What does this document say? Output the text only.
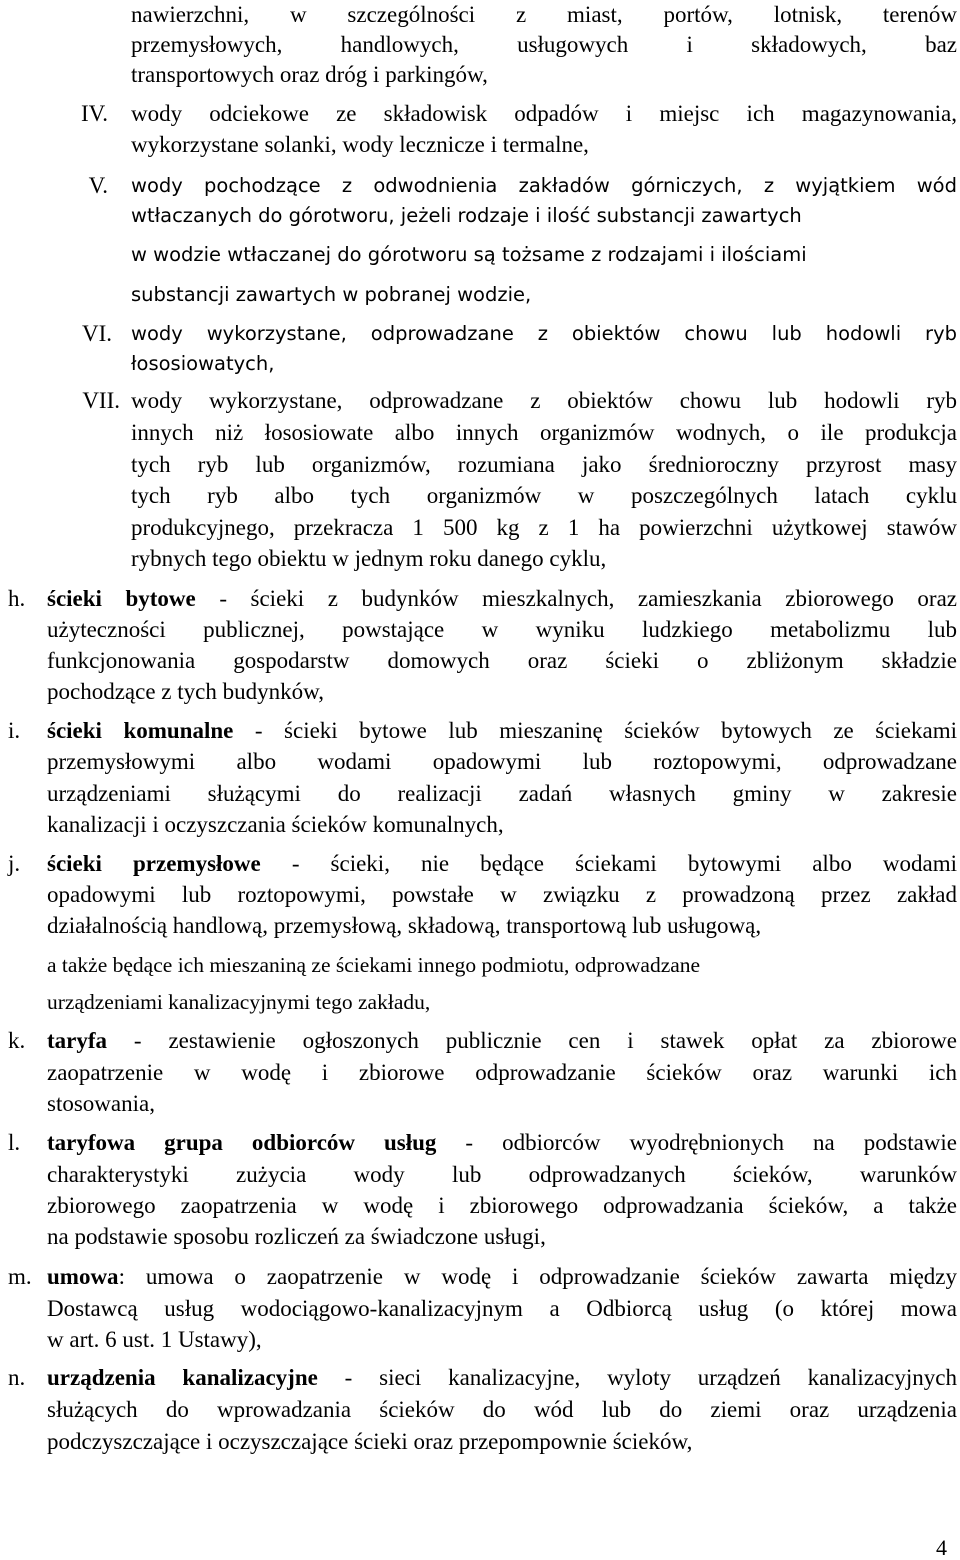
nawierzchni, w szczególności z miast, portów, lotnisk, terenów
przemysłowych, handlowych, usługowych i składowych, baz
transportowych oraz dróg i parkingów,
IV. wody odciekowe ze składowisk odpadów i miejsc ich magazynowania,
wykorzystane solanki, wody lecznicze i termalne,
V. wody pochodzące z odwodnienia zakładów górniczych, z wyjątkiem wód
wtłaczanych do górotworu, jeżeli rodzaje i ilość substancji zawartych
w wodzie wtłaczanej do górotworu są tożsame z rodzajami i ilościami
substancji zawartych w pobranej wodzie,
VI. wody wykorzystane, odprowadzane z obiektów chowu lub hodowli ryb
łososiowatych,
VII. wody wykorzystane, odprowadzane z obiektów chowu lub hodowli ryb
innych niż łososiowate albo innych organizmów wodnych, o ile produkcja
tych ryb lub organizmów, rozumiana jako średnioroczny przyrost masy
tych ryb albo tych organizmów w poszczególnych latach cyklu
produkcyjnego, przekracza 1 500 kg z 1 ha powierzchni użytkowej stawów
rybnych tego obiektu w jednym roku danego cyklu,
h. ścieki bytowe - ścieki z budynków mieszkalnych, zamieszkania zbiorowego oraz
użyteczności publicznej, powstające w wyniku ludzkiego metabolizmu lub
funkcjonowania gospodarstw domowych oraz ścieki o zbliżonym składzie
pochodzące z tych budynków,
i. ścieki komunalne - ścieki bytowe lub mieszaninę ścieków bytowych ze ściekami
przemysłowymi albo wodami opadowymi lub roztopowymi, odprowadzane
urządzeniami służącymi do realizacji zadań własnych gminy w zakresie
kanalizacji i oczyszczania ścieków komunalnych,
j. ścieki przemysłowe - ścieki, nie będące ściekami bytowymi albo wodami
opadowymi lub roztopowymi, powstałe w związku z prowadzoną przez zakład
działalnością handlową, przemysłową, składową, transportową lub usługową,
a także będące ich mieszaniną ze ściekami innego podmiotu, odprowadzane
urządzeniami kanalizacyjnymi tego zakładu,
k. taryfa - zestawienie ogłoszonych publicznie cen i stawek opłat za zbiorowe
zaopatrzenie w wodę i zbiorowe odprowadzanie ścieków oraz warunki ich
stosowania,
l. taryfowa grupa odbiorców usług - odbiorców wyodrębnionych na podstawie
charakterystyki zużycia wody lub odprowadzanych ścieków, warunków
zbiorowego zaopatrzenia w wodę i zbiorowego odprowadzania ścieków, a także
na podstawie sposobu rozliczeń za świadczone usługi,
m. umowa: umowa o zaopatrzenie w wodę i odprowadzanie ścieków zawarta między
Dostawcą usług wodociągowo-kanalizacyjnym a Odbiorcą usług (o której mowa
w art. 6 ust. 1 Ustawy),
n. urządzenia kanalizacyjne - sieci kanalizacyjne, wyloty urządzeń kanalizacyjnych
służących do wprowadzania ścieków do wód lub do ziemi oraz urządzenia
podczyszczające i oczyszczające ścieki oraz przepompownie ścieków,
4
